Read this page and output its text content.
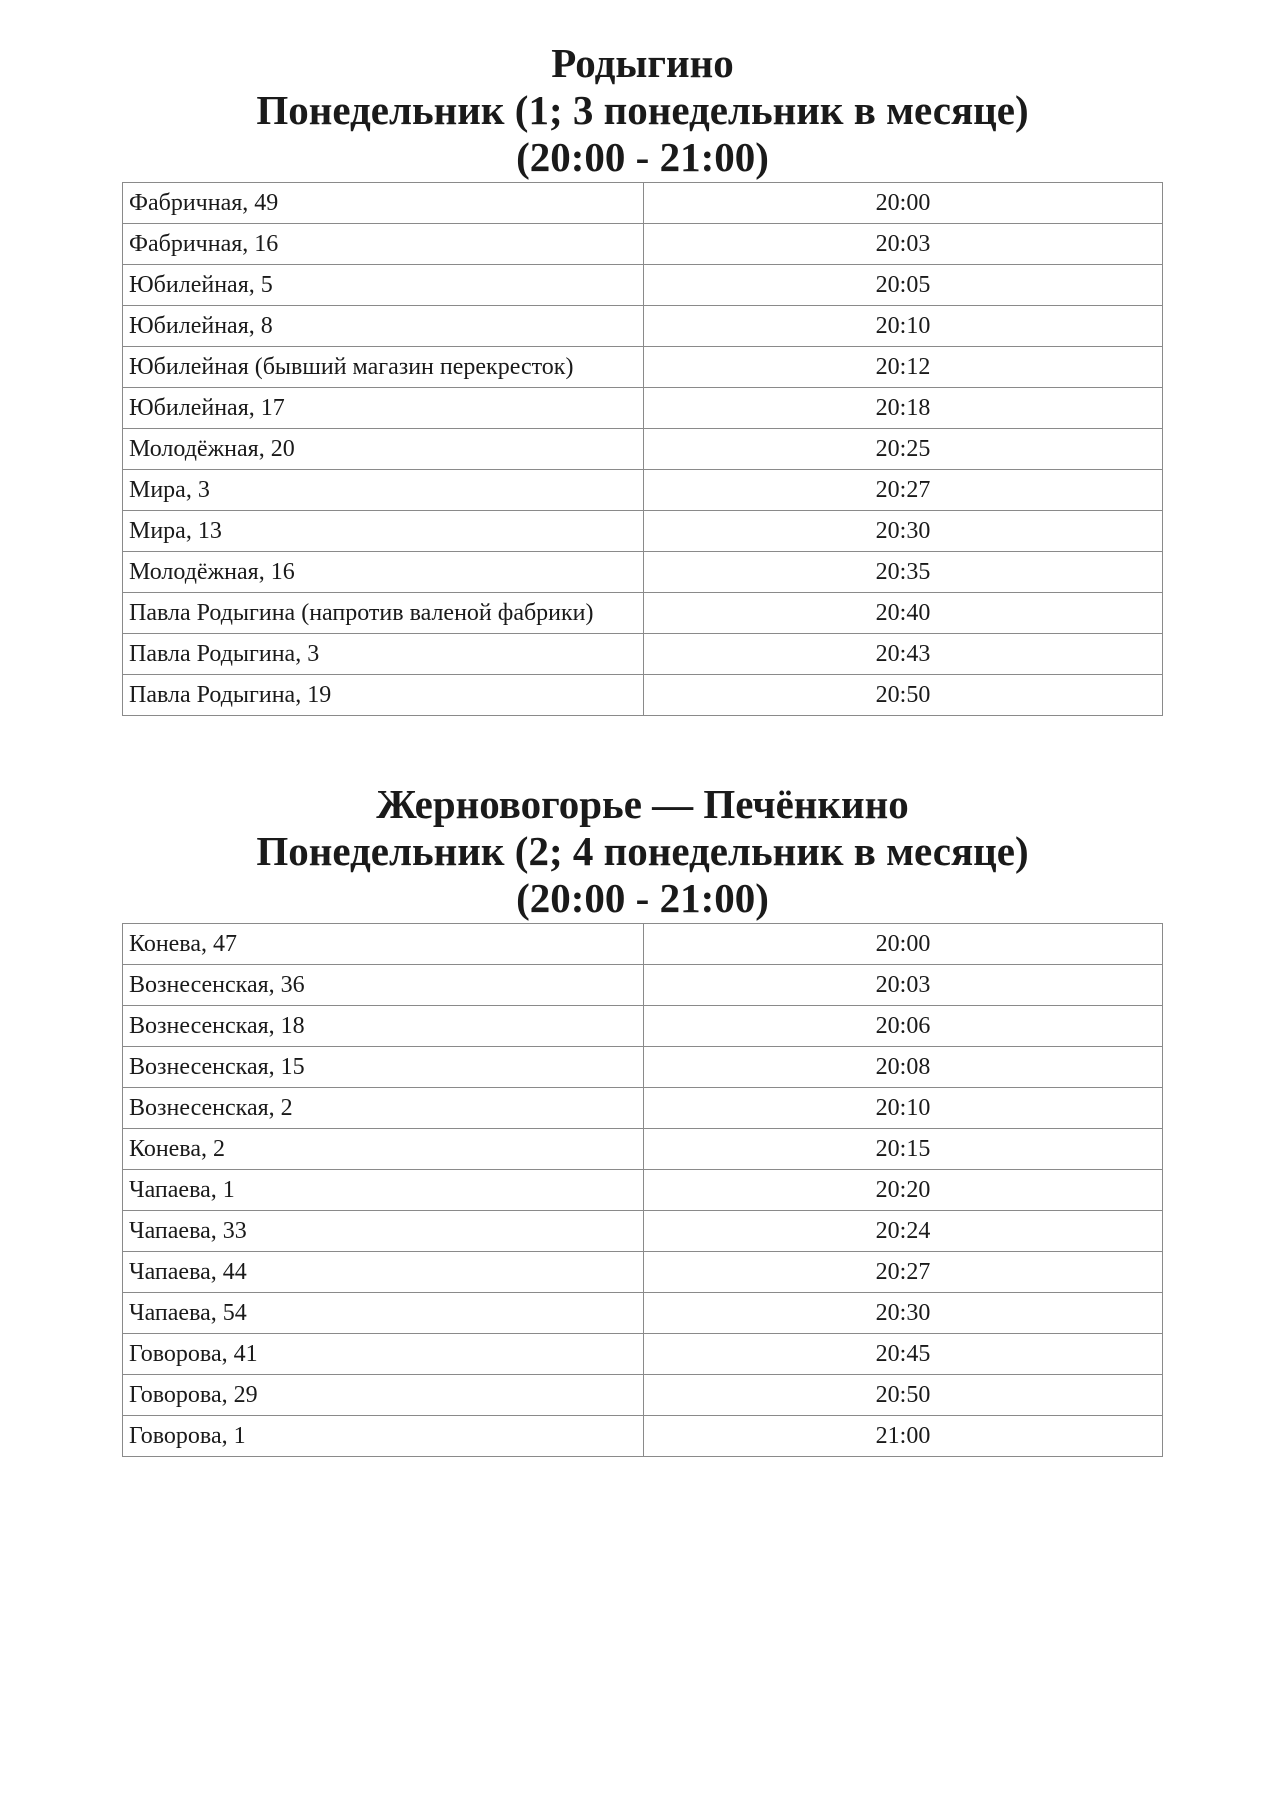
Родыгино
Понедельник (1; 3 понедельник в месяце)
(20:00 - 21:00)
Фабричная, 49	20:00
Фабричная, 16	20:03
Юбилейная, 5	20:05
Юбилейная, 8	20:10
Юбилейная (бывший магазин перекресток)	20:12
Юбилейная, 17	20:18
Молодёжная, 20	20:25
Мира, 3	20:27
Мира, 13	20:30
Молодёжная, 16	20:35
Павла Родыгина (напротив валеной фабрики)	20:40
Павла Родыгина, 3	20:43
Павла Родыгина, 19	20:50
Жерновогорье — Печёнкино
Понедельник (2; 4 понедельник в месяце)
(20:00 - 21:00)
Конева, 47	20:00
Вознесенская, 36	20:03
Вознесенская, 18	20:06
Вознесенская, 15	20:08
Вознесенская, 2	20:10
Конева, 2	20:15
Чапаева, 1	20:20
Чапаева, 33	20:24
Чапаева, 44	20:27
Чапаева, 54	20:30
Говорова, 41	20:45
Говорова, 29	20:50
Говорова, 1	21:00
